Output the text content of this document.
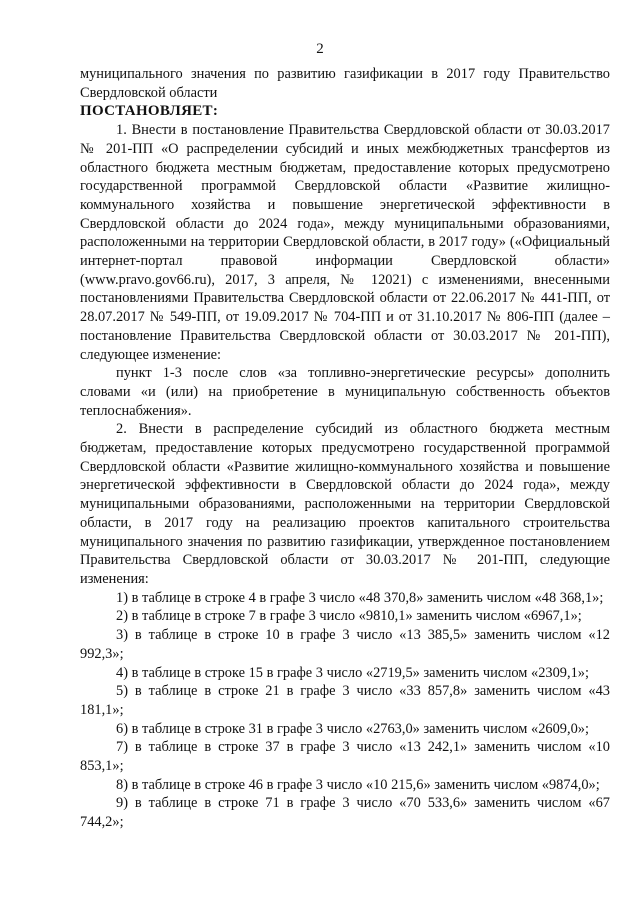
2

муниципального значения по развитию газификации в 2017 году Правительство Свердловской области

ПОСТАНОВЛЯЕТ:

1. Внести в постановление Правительства Свердловской области от 30.03.2017 № 201-ПП «О распределении субсидий и иных межбюджетных трансфертов из областного бюджета местным бюджетам, предоставление которых предусмотрено государственной программой Свердловской области «Развитие жилищно-коммунального хозяйства и повышение энергетической эффективности в Свердловской области до 2024 года», между муниципальными образованиями, расположенными на территории Свердловской области, в 2017 году» («Официальный интернет-портал правовой информации Свердловской области» (www.pravo.gov66.ru), 2017, 3 апреля, № 12021) с изменениями, внесенными постановлениями Правительства Свердловской области от 22.06.2017 № 441-ПП, от 28.07.2017 № 549-ПП, от 19.09.2017 № 704-ПП и от 31.10.2017 № 806-ПП (далее – постановление Правительства Свердловской области от 30.03.2017 № 201-ПП), следующее изменение:

пункт 1-3 после слов «за топливно-энергетические ресурсы» дополнить словами «и (или) на приобретение в муниципальную собственность объектов теплоснабжения».

2. Внести в распределение субсидий из областного бюджета местным бюджетам, предоставление которых предусмотрено государственной программой Свердловской области «Развитие жилищно-коммунального хозяйства и повышение энергетической эффективности в Свердловской области до 2024 года», между муниципальными образованиями, расположенными на территории Свердловской области, в 2017 году на реализацию проектов капитального строительства муниципального значения по развитию газификации, утвержденное постановлением Правительства Свердловской области от 30.03.2017 № 201-ПП, следующие изменения:

1) в таблице в строке 4 в графе 3 число «48 370,8» заменить числом «48 368,1»;

2) в таблице в строке 7 в графе 3 число «9810,1» заменить числом «6967,1»;

3) в таблице в строке 10 в графе 3 число «13 385,5» заменить числом «12 992,3»;

4) в таблице в строке 15 в графе 3 число «2719,5» заменить числом «2309,1»;

5) в таблице в строке 21 в графе 3 число «33 857,8» заменить числом «43 181,1»;

6) в таблице в строке 31 в графе 3 число «2763,0» заменить числом «2609,0»;

7) в таблице в строке 37 в графе 3 число «13 242,1» заменить числом «10 853,1»;

8) в таблице в строке 46 в графе 3 число «10 215,6» заменить числом «9874,0»;

9) в таблице в строке 71 в графе 3 число «70 533,6» заменить числом «67 744,2»;
